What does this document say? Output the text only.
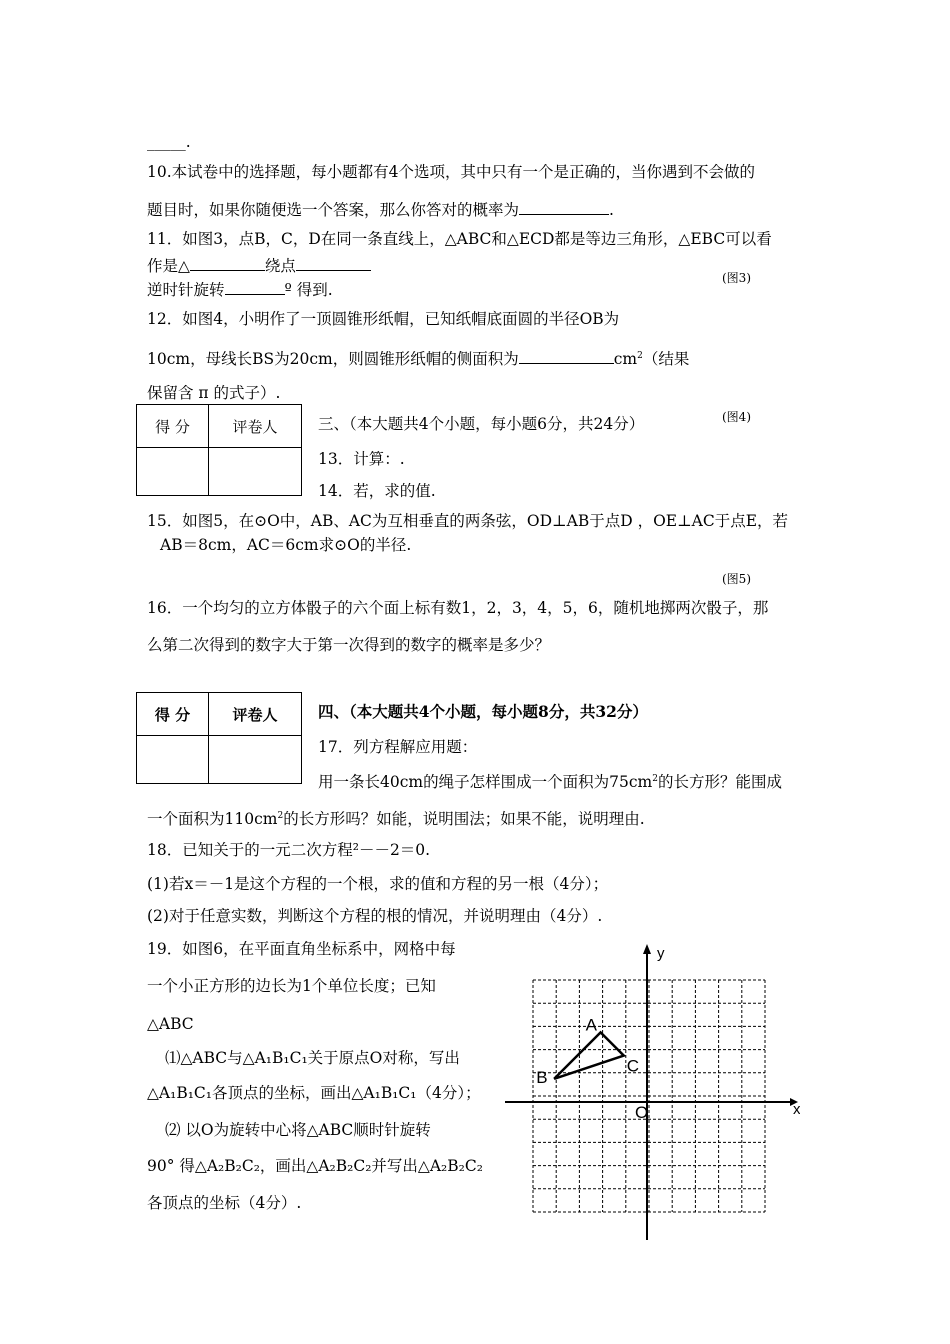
_____.
10.本试卷中的选择题，每小题都有4个选项，其中只有一个是正确的，当你遇到不会做的
题目时，如果你随便选一个答案，那么你答对的概率为	.
11．如图3，点B，C，D在同一条直线上，△ABC和△ECD都是等边三角形，△EBC可以看
作是△	绕点
(图3)
逆时针旋转	º 得到.
12．如图4，小明作了一顶圆锥形纸帽，已知纸帽底面圆的半径OB为
10cm，母线长BS为20cm，则圆锥形纸帽的侧面积为	$cm^2$（结果
保留含 π 的式子）.
(图4)
得 分	评卷人
		三、（本大题共4个小题，每小题6分，共24分）
13．计算：.
14．若，求的值.
15．如图5，在⊙O中，AB、AC为互相垂直的两条弦，OD⊥AB于点D ，OE⊥AC于点E，若
AB＝8cm，AC＝6cm求⊙O的半径.
(图5)
16．一个均匀的立方体骰子的六个面上标有数1，2，3，4，5，6，随机地掷两次骰子，那
么第二次得到的数字大于第一次得到的数字的概率是多少？
得 分	评卷人
		四、（本大题共4个小题，每小题8分，共32分）
17．列方程解应用题：
用一条长40cm的绳子怎样围成一个面积为$75cm^2$的长方形？能围成
一个面积为$110cm^2$的长方形吗？如能，说明围法；如果不能，说明理由.
18．已知关于的一元二次方程²－－2＝0.
(1)若x＝－1是这个方程的一个根，求的值和方程的另一根（4分）；
(2)对于任意实数，判断这个方程的根的情况，并说明理由（4分）.
19．如图6，在平面直角坐标系中，网格中每
一个小正方形的边长为1个单位长度；已知
△ABC
⑴△ABC与△A₁B₁C₁关于原点O对称，写出
△A₁B₁C₁各顶点的坐标，画出△A₁B₁C₁（4分）；
⑵ 以O为旋转中心将△ABC顺时针旋转
90° 得△A₂B₂C₂，画出△A₂B₂C₂并写出△A₂B₂C₂
各顶点的坐标（4分）.
x
y
O
A
B
C
